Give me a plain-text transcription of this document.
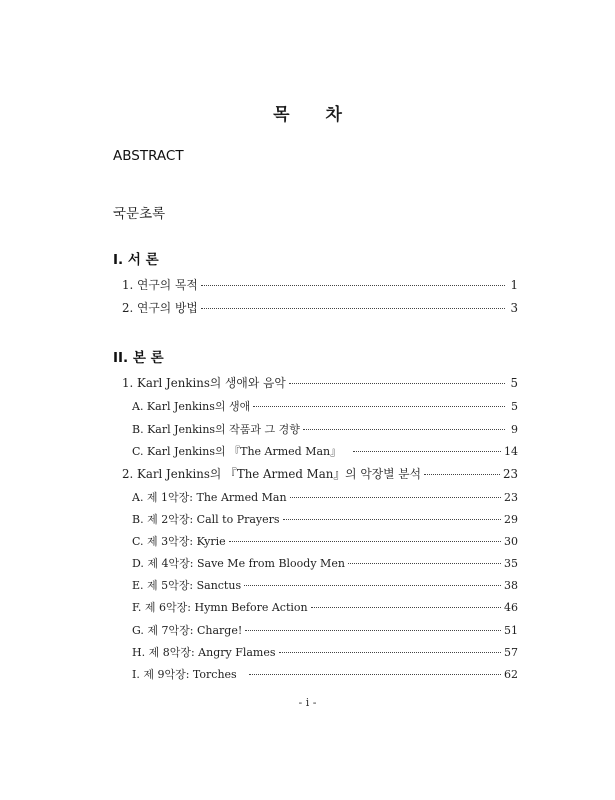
목 차
ABSTRACT
국문초록
I. 서 론
1. 연구의 목적	1
2. 연구의 방법	3
II. 본 론
1. Karl Jenkins의 생애와 음악	5
A. Karl Jenkins의 생애	5
B. Karl Jenkins의 작품과 그 경향	9
C. Karl Jenkins의 『The Armed Man』	14
2. Karl Jenkins의 『The Armed Man』의 악장별 분석	23
A. 제 1악장: The Armed Man	23
B. 제 2악장: Call to Prayers	29
C. 제 3악장: Kyrie	30
D. 제 4악장: Save Me from Bloody Men	35
E. 제 5악장: Sanctus	38
F. 제 6악장: Hymn Before Action	46
G. 제 7악장: Charge!	51
H. 제 8악장: Angry Flames	57
I. 제 9악장: Torches	62
- i -
